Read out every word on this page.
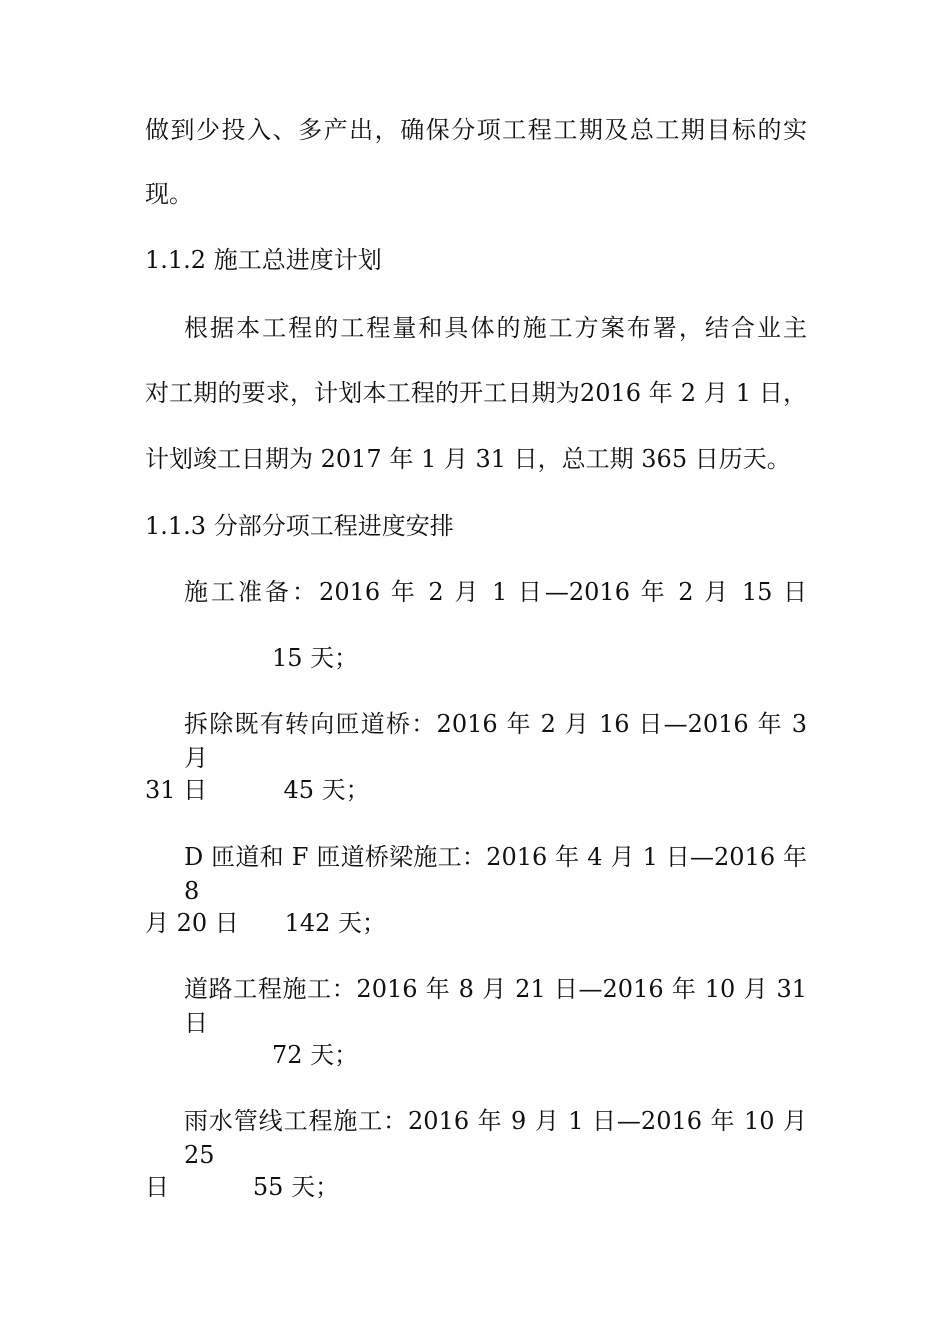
做到少投入、多产出，确保分项工程工期及总工期目标的实

现。

1.1.2 施工总进度计划

根据本工程的工程量和具体的施工方案布署，结合业主

对工期的要求，计划本工程的开工日期为2016 年 2 月 1 日，

计划竣工日期为 2017 年 1 月 31 日，总工期 365 日历天。

1.1.3 分部分项工程进度安排

施工准备：2016 年 2 月 1 日—2016 年 2 月 15 日

15 天；

拆除既有转向匝道桥：2016 年 2 月 16 日—2016 年 3 月

31 日          45 天；

D 匝道和 F 匝道桥梁施工：2016 年 4 月 1 日—2016 年 8

月 20 日      142 天；

道路工程施工：2016 年 8 月 21 日—2016 年 10 月 31 日

72 天；

雨水管线工程施工：2016 年 9 月 1 日—2016 年 10 月 25

日           55 天；
